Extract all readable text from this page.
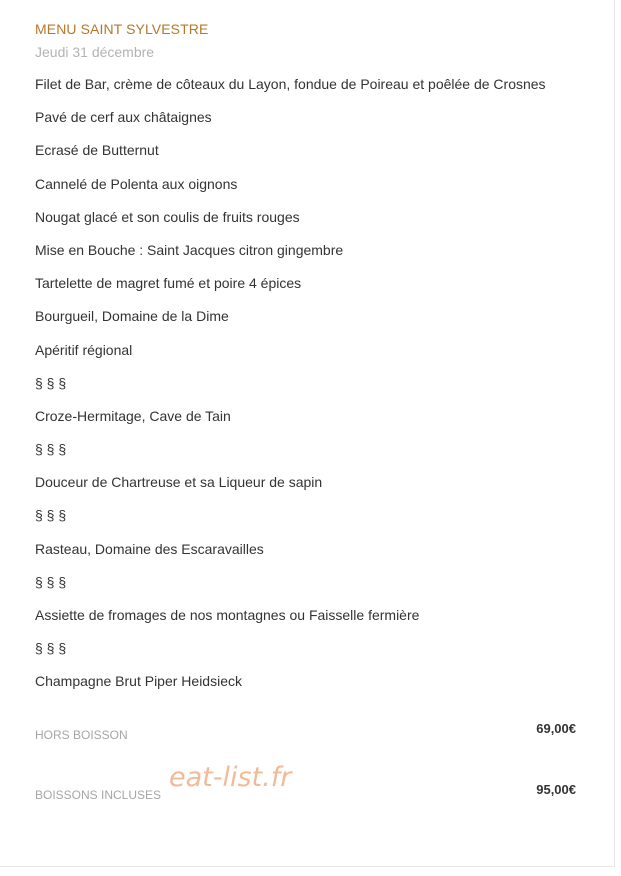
MENU SAINT SYLVESTRE
Jeudi 31 décembre
Filet de Bar, crème de côteaux du Layon, fondue de Poireau et poêlée de Crosnes
Pavé de cerf aux châtaignes
Ecrasé de Butternut
Cannelé de Polenta aux oignons
Nougat glacé et son coulis de fruits rouges
Mise en Bouche : Saint Jacques citron gingembre
Tartelette de magret fumé et poire 4 épices
Bourgueil, Domaine de la Dime
Apéritif régional
§ § §
Croze-Hermitage, Cave de Tain
§ § §
Douceur de Chartreuse et sa Liqueur de sapin
§ § §
Rasteau, Domaine des Escaravailles
§ § §
Assiette de fromages de nos montagnes ou Faisselle fermière
§ § §
Champagne Brut Piper Heidsieck
HORS BOISSON	69,00€
BOISSONS INCLUSES	95,00€
eat-list.fr
